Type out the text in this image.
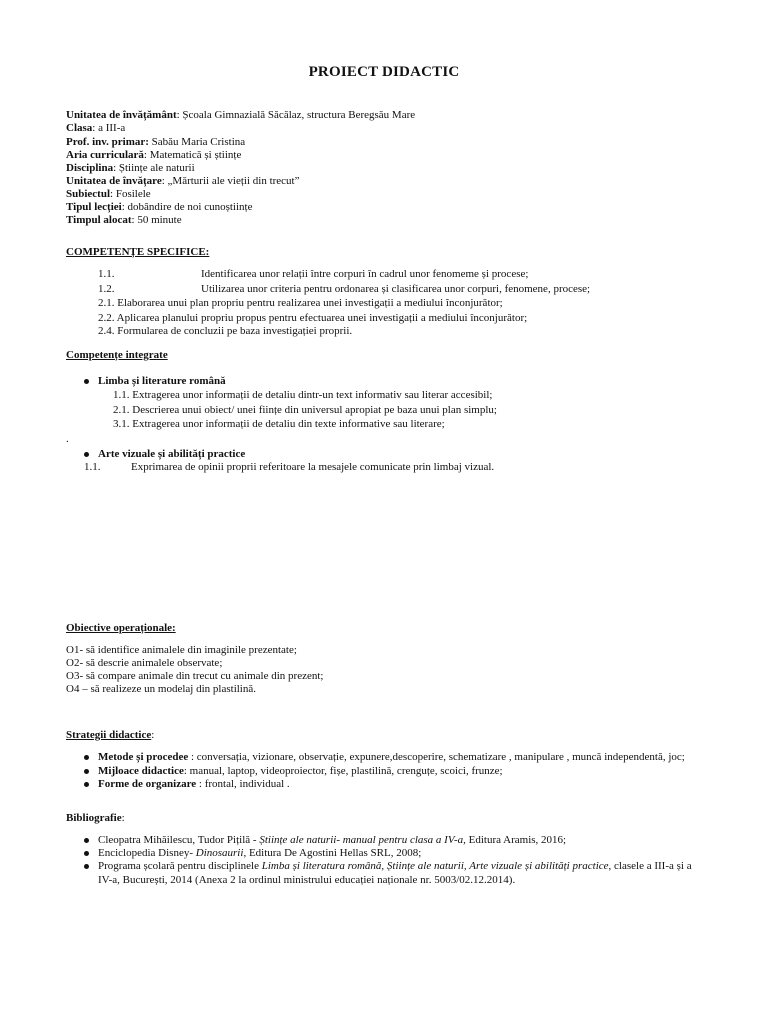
PROIECT DIDACTIC
Unitatea de învățământ: Școala Gimnazială Săcălaz, structura Beregsău Mare
Clasa: a III-a
Prof. inv. primar: Sabău Maria Cristina
Aria curriculară: Matematică și științe
Disciplina: Științe ale naturii
Unitatea de învățare: „Mărturii ale vieții din trecut”
Subiectul: Fosilele
Tipul lecției: dobândire de noi cunoștiințe
Timpul alocat: 50 minute
COMPETENȚE SPECIFICE:
1.1.	Identificarea unor relații între corpuri în cadrul unor fenomeme și procese;
1.2.	Utilizarea unor criteria pentru ordonarea și clasificarea unor corpuri, fenomene, procese;
2.1. Elaborarea unui plan propriu pentru realizarea unei investigații a mediului înconjurător;
2.2. Aplicarea planului propriu propus pentru efectuarea unei investigații a mediului înconjurător;
2.4. Formularea de concluzii pe baza investigației proprii.
Competențe integrate
Limba și literature română
1.1. Extragerea unor informații de detaliu dintr-un text informativ sau literar accesibil;
2.1. Descrierea unui obiect/ unei ființe din universul apropiat pe baza unui plan simplu;
3.1. Extragerea unor informații de detaliu din texte informative sau literare;
.
Arte vizuale și abilități practice
1.1.	Exprimarea de opinii proprii referitoare la mesajele comunicate prin limbaj vizual.
Obiective operaționale:
O1- să identifice animalele din imaginile prezentate;
O2- să descrie animalele observate;
O3- să compare animale din trecut cu animale din prezent;
O4 – să realizeze un modelaj din plastilină.
Strategii didactice:
Metode și procedee : conversația, vizionare, observație, expunere,descoperire, schematizare , manipulare , muncă independentă, joc;
Mijloace didactice: manual, laptop, videoproiector, fișe, plastilină, crenguțe, scoici, frunze;
Forme de organizare : frontal, individual .
Bibliografie:
Cleopatra Mihăilescu, Tudor Pițilă - Științe ale naturii- manual pentru clasa a IV-a, Editura Aramis, 2016;
Enciclopedia Disney- Dinosaurii, Editura De Agostini Hellas SRL, 2008;
Programa școlară pentru disciplinele Limba și literatura română, Științe ale naturii, Arte vizuale și abilități practice, clasele a III-a și a
IV-a, București, 2014 (Anexa 2 la ordinul ministrului educației naționale nr. 5003/02.12.2014).
